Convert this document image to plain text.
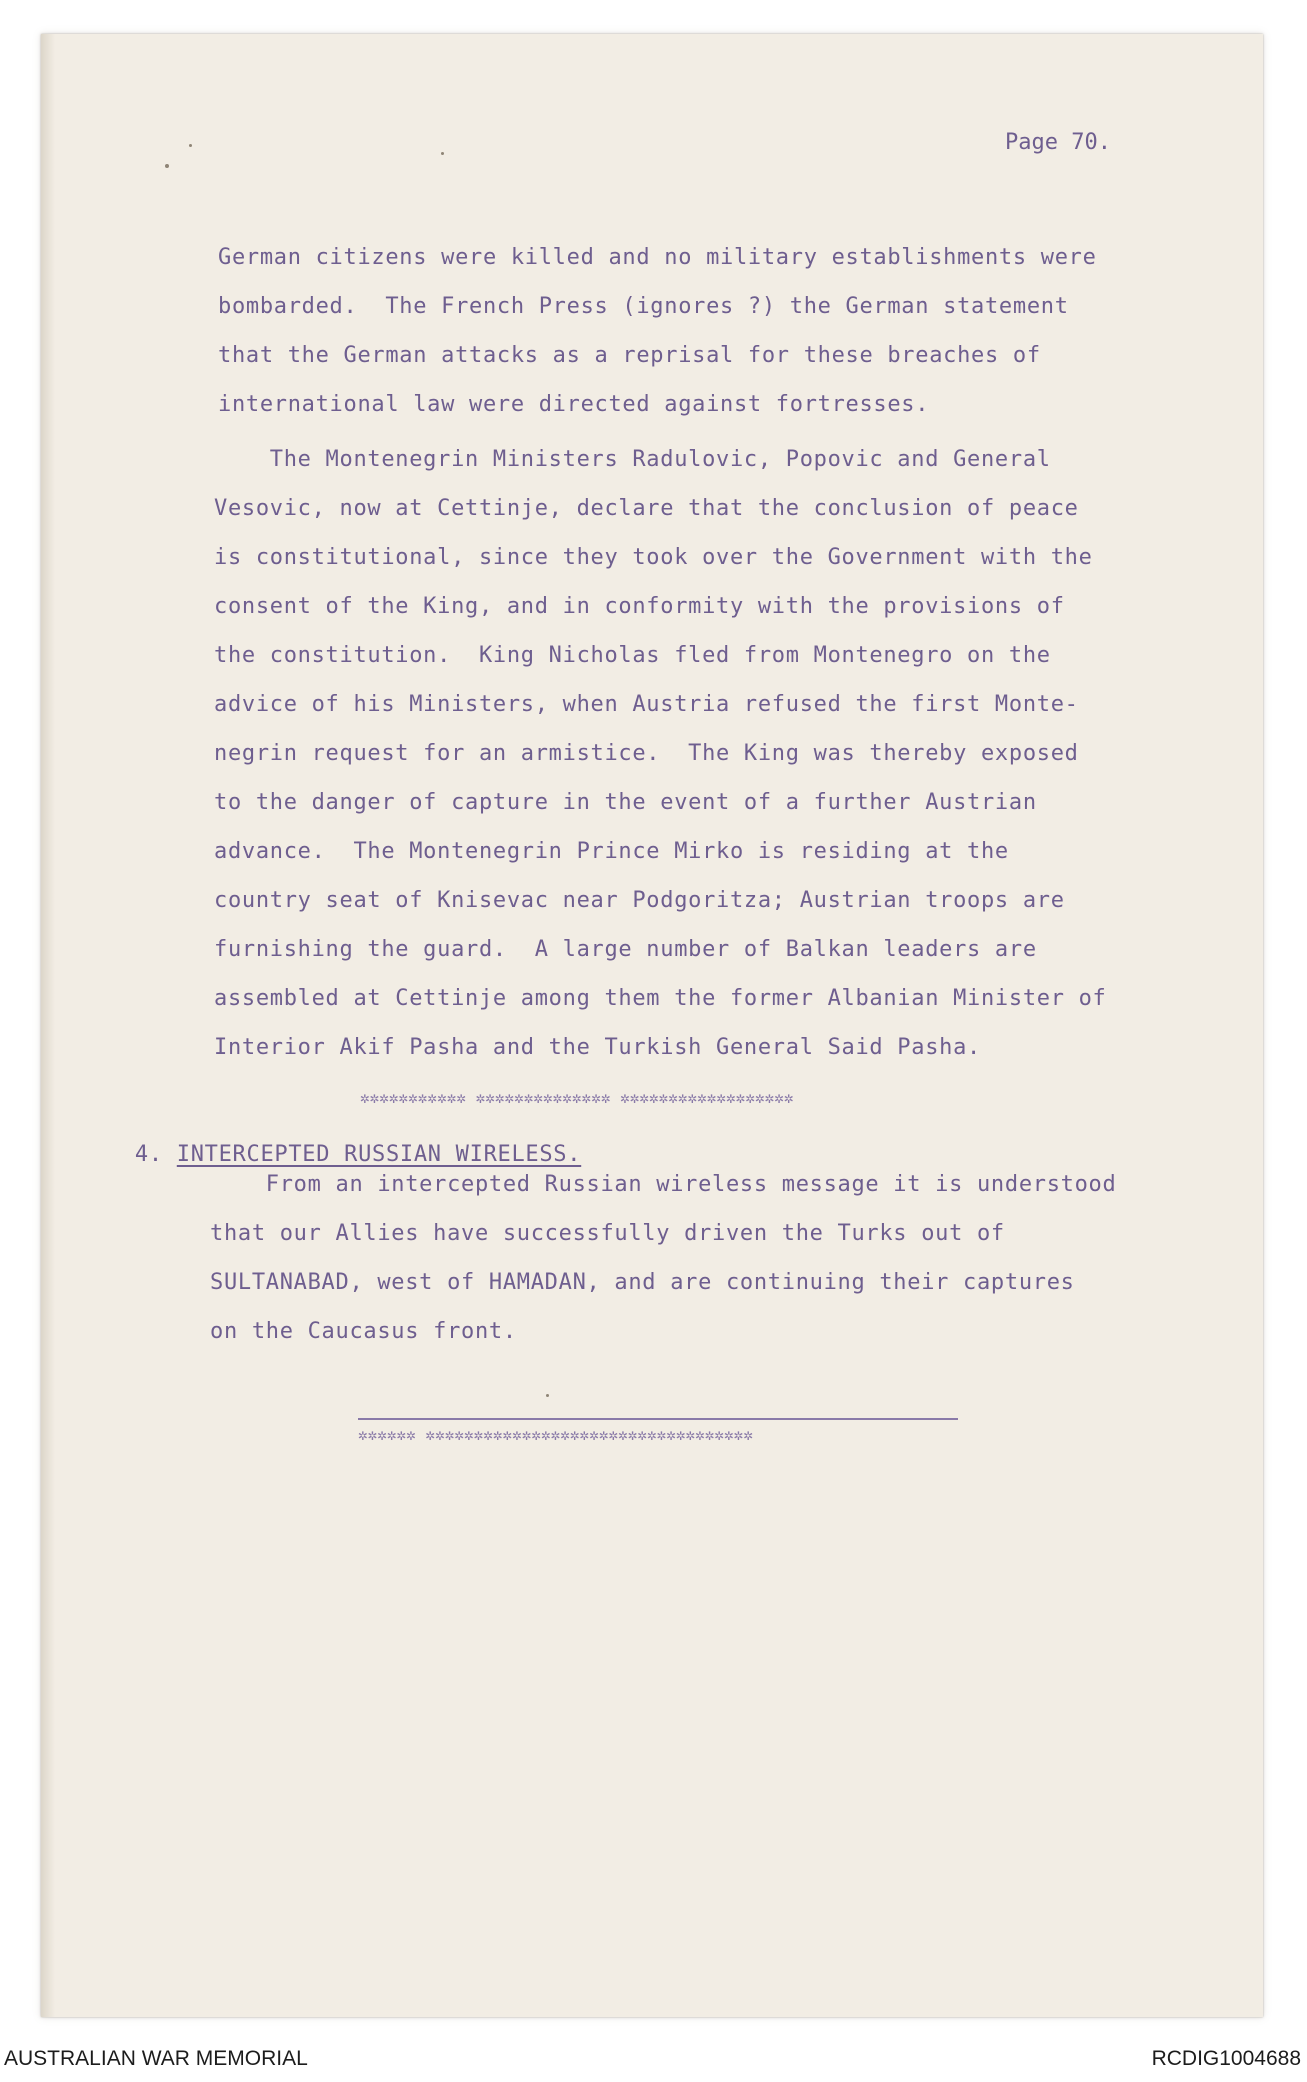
Page 70.
German citizens were killed and no military establishments were
bombarded.  The French Press (ignores ?) the German statement
that the German attacks as a reprisal for these breaches of
international law were directed against fortresses.
The Montenegrin Ministers Radulovic, Popovic and General
Vesovic, now at Cettinje, declare that the conclusion of peace
is constitutional, since they took over the Government with the
consent of the King, and in conformity with the provisions of
the constitution.  King Nicholas fled from Montenegro on the
advice of his Ministers, when Austria refused the first Monte-
negrin request for an armistice.  The King was thereby exposed
to the danger of capture in the event of a further Austrian
advance.  The Montenegrin Prince Mirko is residing at the
country seat of Knisevac near Podgoritza; Austrian troops are
furnishing the guard.  A large number of Balkan leaders are
assembled at Cettinje among them the former Albanian Minister of
Interior Akif Pasha and the Turkish General Said Pasha.
✲✲✲✲✲✲✲✲✲✲✲ ✲✲✲✲✲✲✲✲✲✲✲✲✲✲ ✲✲✲✲✲✲✲✲✲✲✲✲✲✲✲✲✲✲

4. INTERCEPTED RUSSIAN WIRELESS.

From an intercepted Russian wireless message it is understood
that our Allies have successfully driven the Turks out of
SULTANABAD, west of HAMADAN, and are continuing their captures
on the Caucasus front.
✲✲✲✲✲✲ ✲✲✲✲✲✲✲✲✲✲✲✲✲✲✲✲✲✲✲✲✲✲✲✲✲✲✲✲✲✲✲✲✲✲
AUSTRALIAN WAR MEMORIAL	RCDIG1004688
